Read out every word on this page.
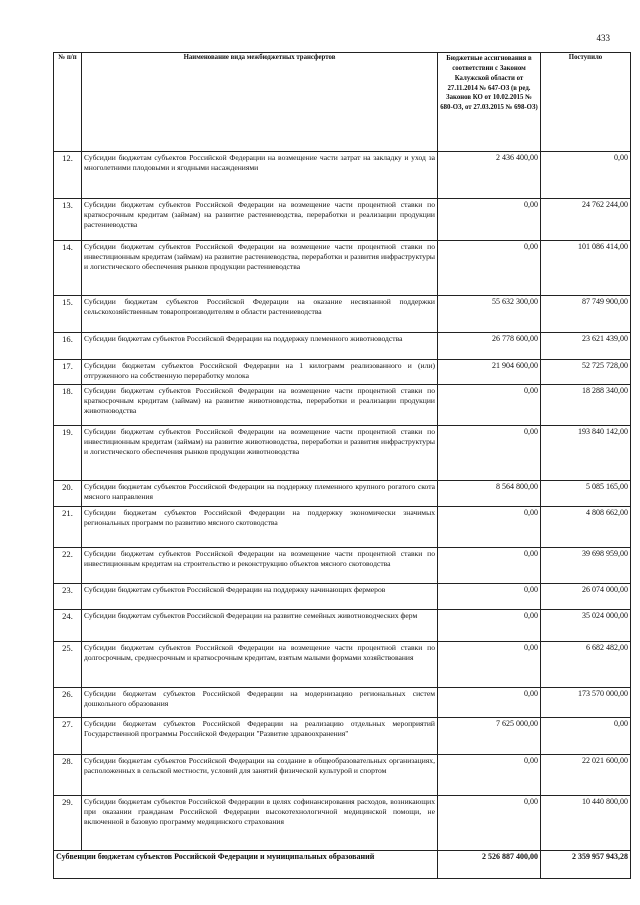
433
№ п/п	Наименование вида межбюджетных трансфертов	Бюджетные ассигнования в соответствии с Законом Калужской области от 27.11.2014 № 647-ОЗ (в ред. Законов КО от 10.02.2015 № 680-ОЗ, от 27.03.2015 № 698-ОЗ)	Поступило
12.	Субсидии бюджетам субъектов Российской Федерации на возмещение части затрат на закладку и уход за многолетними плодовыми и ягодными насаждениями	2 436 400,00	0,00
13.	Субсидии бюджетам субъектов Российской Федерации на возмещение части процентной ставки по краткосрочным кредитам (займам) на развитие растениеводства, переработки и реализации продукции растениеводства	0,00	24 762 244,00
14.	Субсидии бюджетам субъектов Российской Федерации на возмещение части процентной ставки по инвестиционным кредитам (займам) на развитие растениеводства, переработки и развития инфраструктуры и логистического обеспечения рынков продукции растениеводства	0,00	101 086 414,00
15.	Субсидии бюджетам субъектов Российской Федерации на оказание несвязанной поддержки сельскохозяйственным товаропроизводителям в области растениеводства	55 632 300,00	87 749 900,00
16.	Субсидии бюджетам субъектов Российской Федерации на поддержку племенного животноводства	26 778 600,00	23 621 439,00
17.	Субсидии бюджетам субъектов Российской Федерации на 1 килограмм реализованного и (или) отгруженного на собственную переработку молока	21 904 600,00	52 725 728,00
18.	Субсидии бюджетам субъектов Российской Федерации на возмещение части процентной ставки по краткосрочным кредитам (займам) на развитие животноводства, переработки и реализации продукции животноводства	0,00	18 288 340,00
19.	Субсидии бюджетам субъектов Российской Федерации на возмещение части процентной ставки по инвестиционным кредитам (займам) на развитие животноводства, переработки и развития инфраструктуры и логистического обеспечения рынков продукции животноводства	0,00	193 840 142,00
20.	Субсидии бюджетам субъектов Российской Федерации на поддержку племенного крупного рогатого скота мясного направления	8 564 800,00	5 085 165,00
21.	Субсидии бюджетам субъектов Российской Федерации на поддержку экономически значимых региональных программ по развитию мясного скотоводства	0,00	4 808 662,00
22.	Субсидии бюджетам субъектов Российской Федерации на возмещение части процентной ставки по инвестиционным кредитам на строительство и реконструкцию объектов мясного скотоводства	0,00	39 698 959,00
23.	Субсидии бюджетам субъектов Российской Федерации на поддержку начинающих фермеров	0,00	26 074 000,00
24.	Субсидии бюджетам субъектов Российской Федерации на развитие семейных животноводческих ферм	0,00	35 024 000,00
25.	Субсидии бюджетам субъектов Российской Федерации на возмещение части процентной ставки по долгосрочным, среднесрочным и краткосрочным кредитам, взятым малыми формами хозяйствования	0,00	6 682 482,00
26.	Субсидии бюджетам субъектов Российской Федерации на модернизацию региональных систем дошкольного образования	0,00	173 570 000,00
27.	Субсидии бюджетам субъектов Российской Федерации на реализацию отдельных мероприятий Государственной программы Российской Федерации "Развитие здравоохранения"	7 625 000,00	0,00
28.	Субсидии бюджетам субъектов Российской Федерации на создание в общеобразовательных организациях, расположенных в сельской местности, условий для занятий физической культурой и спортом	0,00	22 021 600,00
29.	Субсидии бюджетам субъектов Российской Федерации в целях софинансирования расходов, возникающих при оказании гражданам Российской Федерации высокотехнологичной медицинской помощи, не включенной в базовую программу медицинского страхования	0,00	10 440 800,00
Субвенции бюджетам субъектов Российской Федерации и муниципальных образований		2 526 887 400,00	2 359 957 943,28
